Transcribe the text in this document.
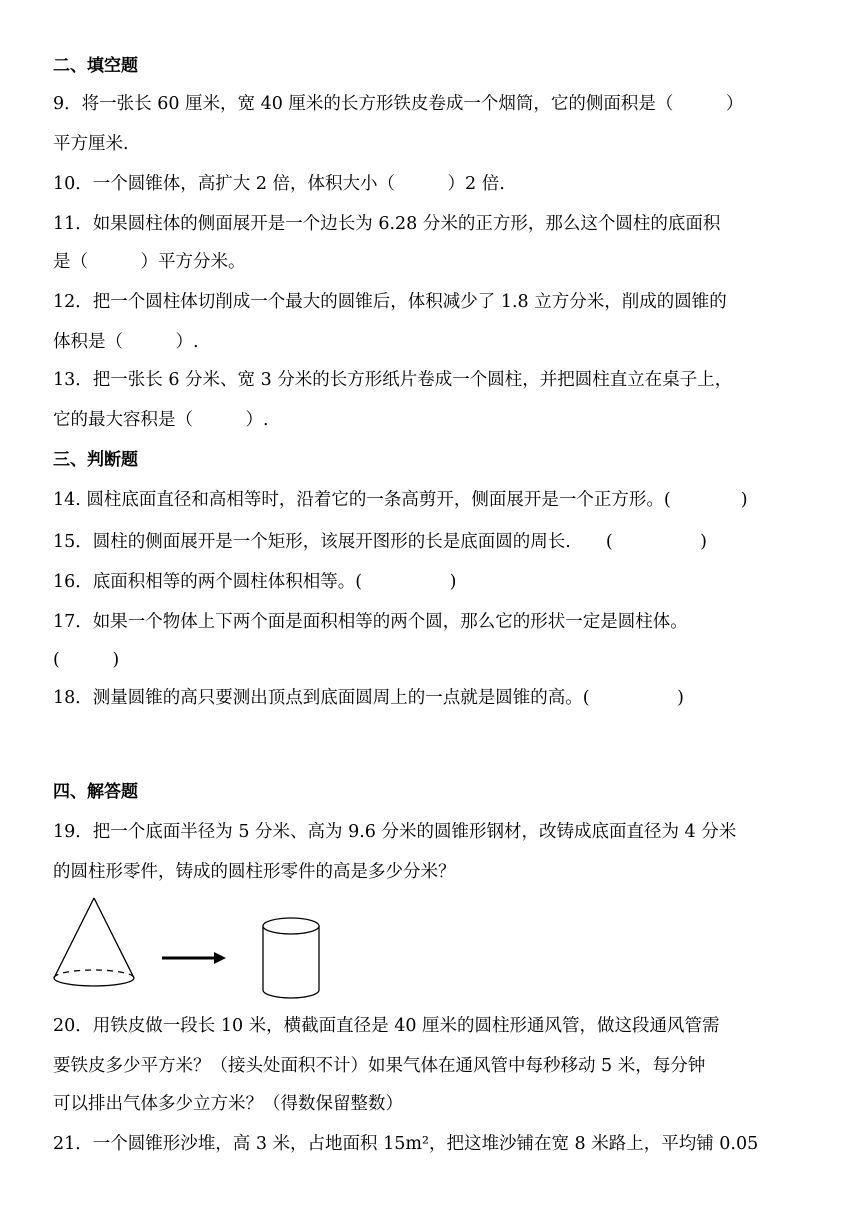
二、填空题
9．将一张长 60 厘米，宽 40 厘米的长方形铁皮卷成一个烟筒，它的侧面积是（　　　）
平方厘米.
10．一个圆锥体，高扩大 2 倍，体积大小（　　　）2 倍.
11．如果圆柱体的侧面展开是一个边长为 6.28 分米的正方形，那么这个圆柱的底面积
是（　　　）平方分米。
12．把一个圆柱体切削成一个最大的圆锥后，体积减少了 1.8 立方分米，削成的圆锥的
体积是（　　　）.
13．把一张长 6 分米、宽 3 分米的长方形纸片卷成一个圆柱，并把圆柱直立在桌子上，
它的最大容积是（　　　）.
三、判断题
14. 圆柱底面直径和高相等时，沿着它的一条高剪开，侧面展开是一个正方形。(　　　　)
15．圆柱的侧面展开是一个矩形，该展开图形的长是底面圆的周长.　　(　　　　　)
16．底面积相等的两个圆柱体积相等。(　　　　　)
17．如果一个物体上下两个面是面积相等的两个圆，那么它的形状一定是圆柱体。
(　　　)
18．测量圆锥的高只要测出顶点到底面圆周上的一点就是圆锥的高。(　　　　　)
四、解答题
19．把一个底面半径为 5 分米、高为 9.6 分米的圆锥形钢材，改铸成底面直径为 4 分米
的圆柱形零件，铸成的圆柱形零件的高是多少分米？
20．用铁皮做一段长 10 米，横截面直径是 40 厘米的圆柱形通风管，做这段通风管需
要铁皮多少平方米？（接头处面积不计）如果气体在通风管中每秒移动 5 米，每分钟
可以排出气体多少立方米？（得数保留整数）
21．一个圆锥形沙堆，高 3 米，占地面积 15m²，把这堆沙铺在宽 8 米路上，平均铺 0.05
